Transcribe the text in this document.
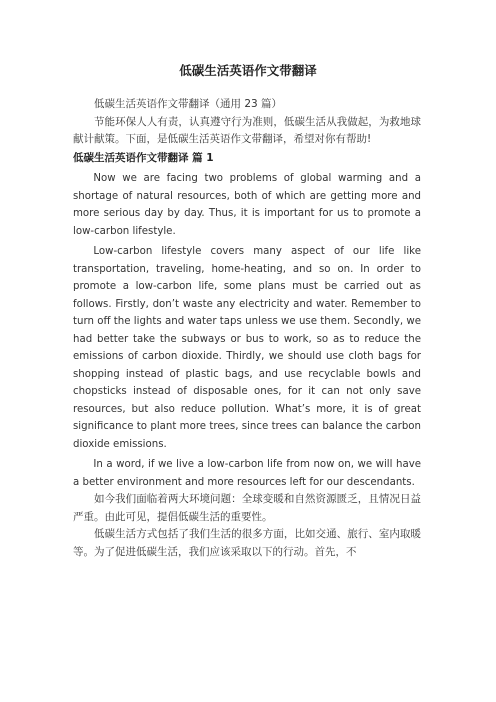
低碳生活英语作文带翻译

低碳生活英语作文带翻译（通用 23 篇）

节能环保人人有责，认真遵守行为准则，低碳生活从我做起，为救地球献计献策。下面，是低碳生活英语作文带翻译，希望对你有帮助!

低碳生活英语作文带翻译 篇 1

Now we are facing two problems of global warming and a shortage of natural resources, both of which are getting more and more serious day by day. Thus, it is important for us to promote a low-carbon lifestyle.

Low-carbon lifestyle covers many aspect of our life like transportation, traveling, home-heating, and so on. In order to promote a low-carbon life, some plans must be carried out as follows. Firstly, don’t waste any electricity and water. Remember to turn off the lights and water taps unless we use them. Secondly, we had better take the subways or bus to work, so as to reduce the emissions of carbon dioxide. Thirdly, we should use cloth bags for shopping instead of plastic bags, and use recyclable bowls and chopsticks instead of disposable ones, for it can not only save resources, but also reduce pollution. What’s more, it is of great significance to plant more trees, since trees can balance the carbon dioxide emissions.

In a word, if we live a low-carbon life from now on, we will have a better environment and more resources left for our descendants.

如今我们面临着两大环境问题：全球变暖和自然资源匮乏，且情况日益严重。由此可见，提倡低碳生活的重要性。

低碳生活方式包括了我们生活的很多方面，比如交通、旅行、室内取暖等。为了促进低碳生活，我们应该采取以下的行动。首先，不
